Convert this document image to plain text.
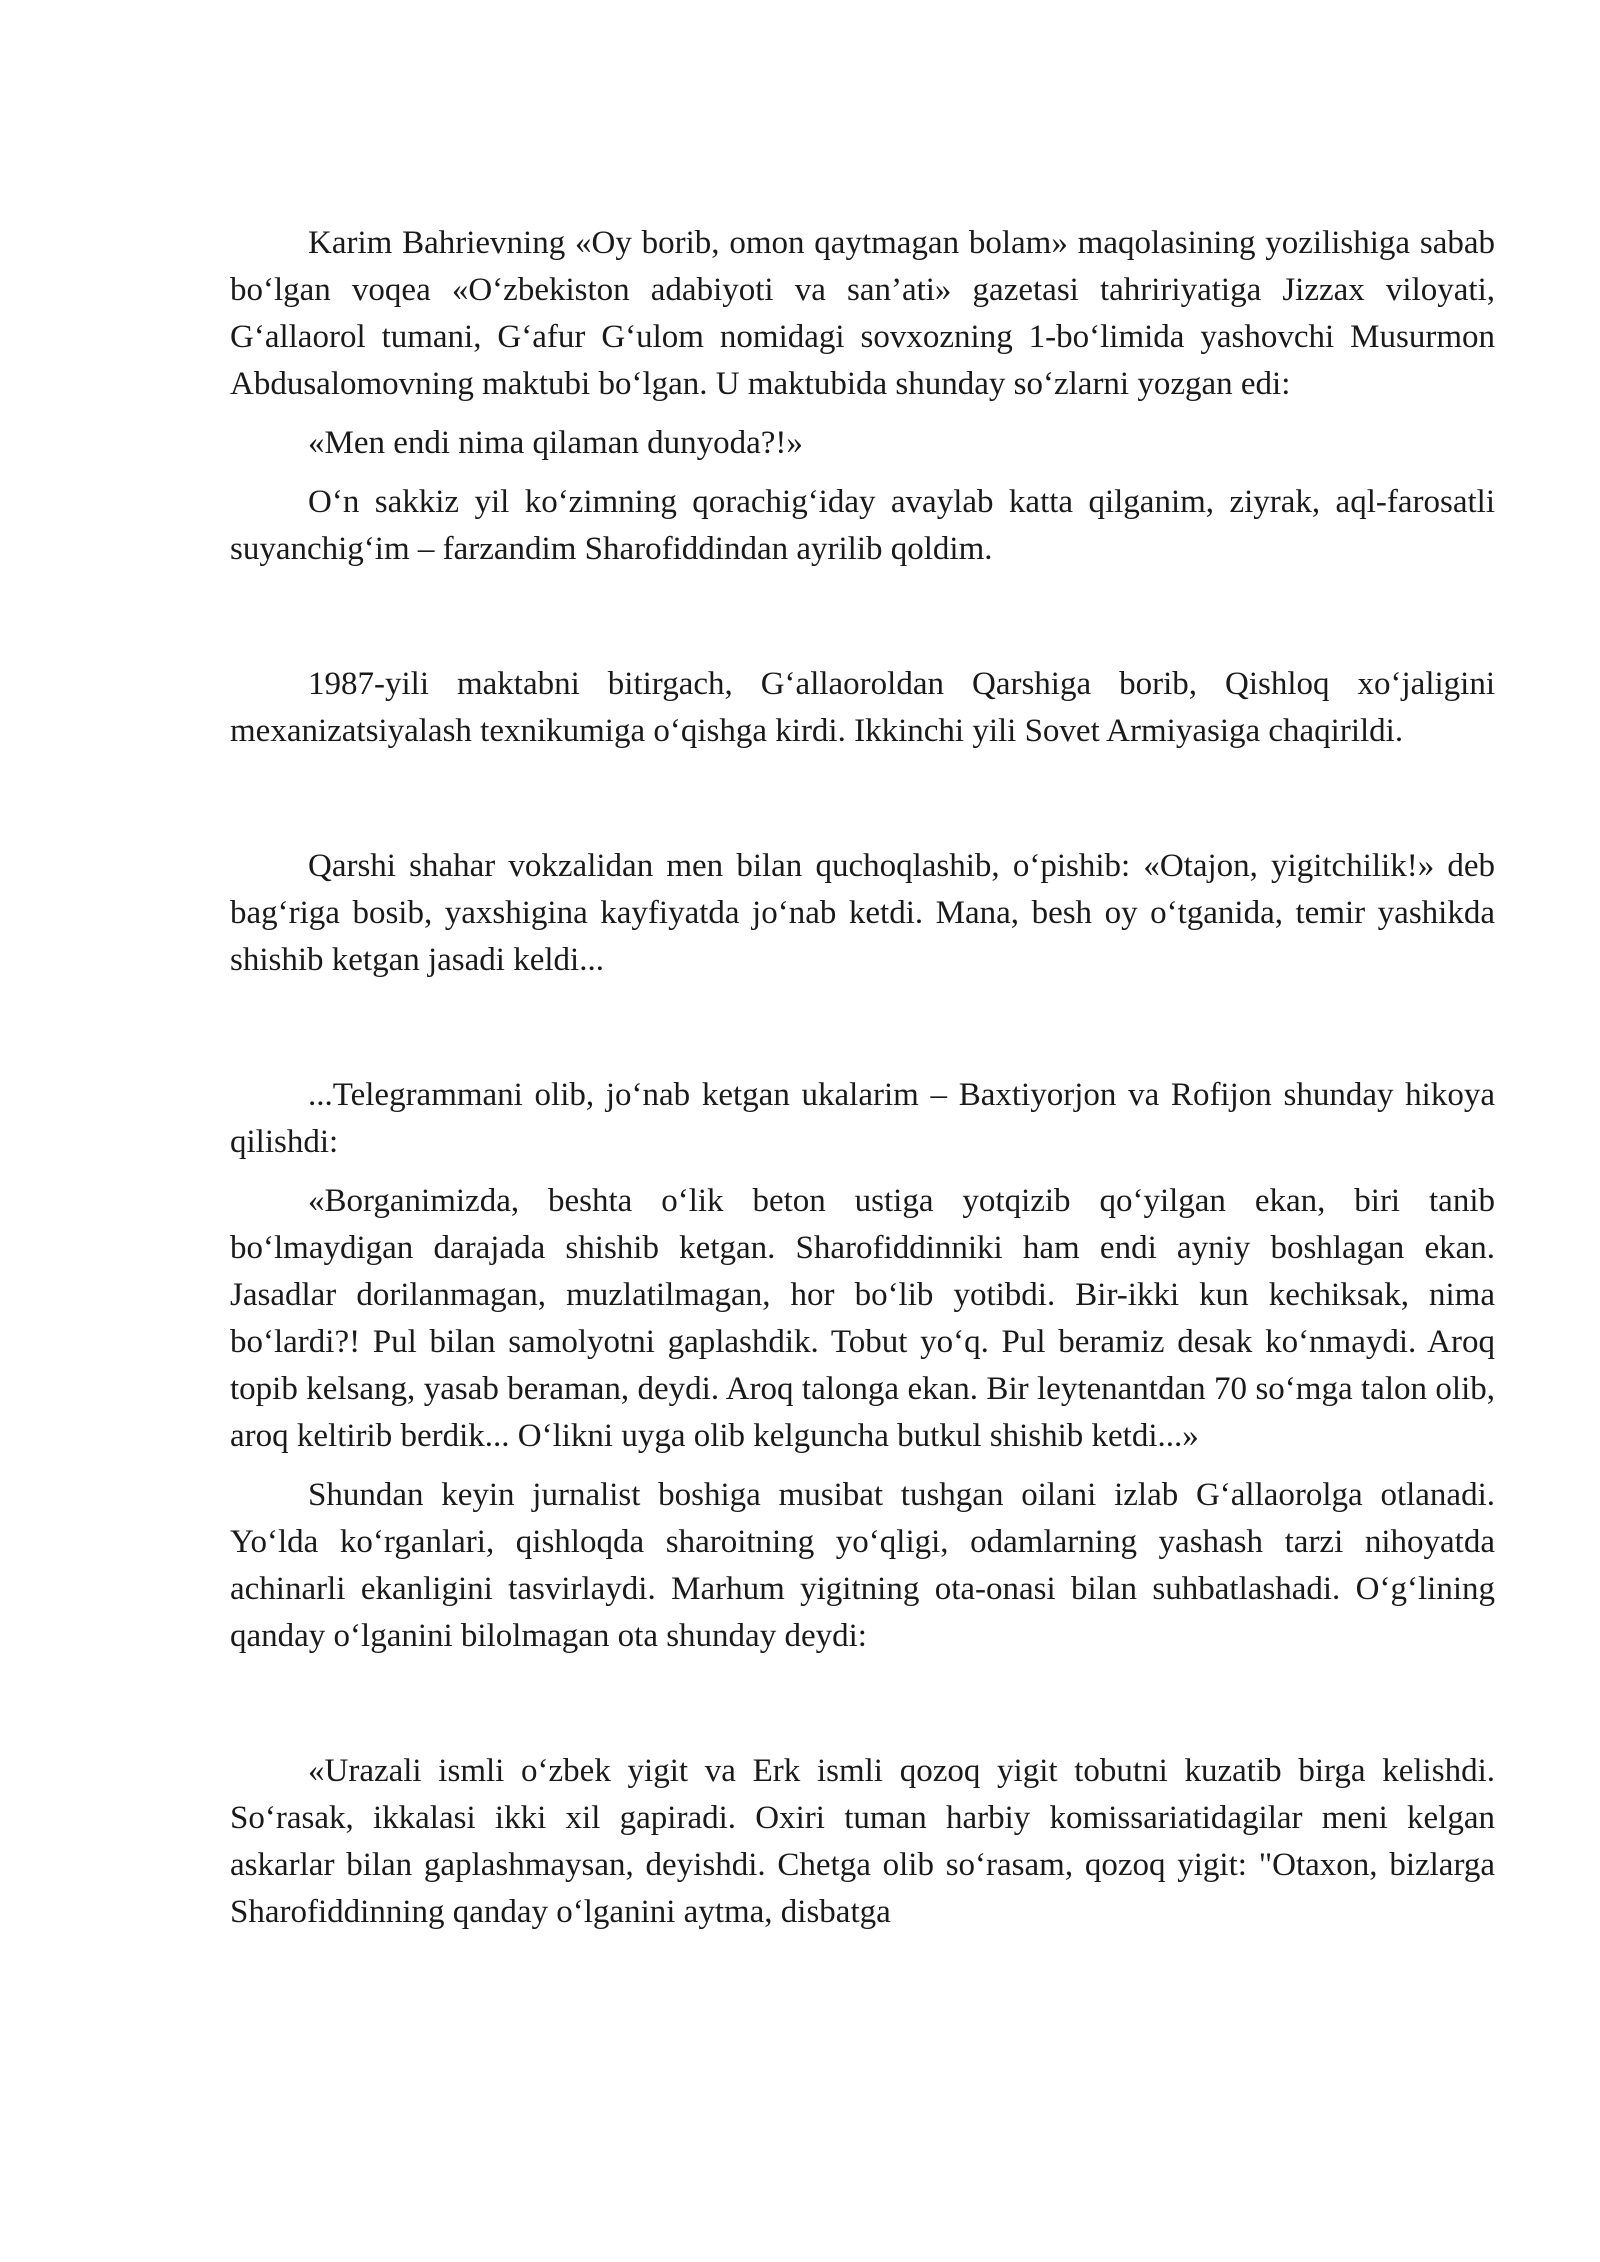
Karim Bahrievning «Oy borib, omon qaytmagan bolam» maqolasining yozilishiga sabab bo‘lgan voqea «O‘zbekiston adabiyoti va san’ati» gazetasi tahririyatiga Jizzax viloyati, G‘allaorol tumani, G‘afur G‘ulom nomidagi sovxozning 1-bo‘limida yashovchi Musurmon Abdusalomovning maktubi bo‘lgan. U maktubida shunday so‘zlarni yozgan edi:

«Men endi nima qilaman dunyoda?!»

O‘n sakkiz yil ko‘zimning qorachig‘iday avaylab katta qilganim, ziyrak, aql-farosatli suyanchig‘im – farzandim Sharofiddindan ayrilib qoldim.

1987-yili maktabni bitirgach, G‘allaoroldan Qarshiga borib, Qishloq xo‘jaligini mexanizatsiyalash texnikumiga o‘qishga kirdi. Ikkinchi yili Sovet Armiyasiga chaqirildi.

Qarshi shahar vokzalidan men bilan quchoqlashib, o‘pishib: «Otajon, yigitchilik!» deb bag‘riga bosib, yaxshigina kayfiyatda jo‘nab ketdi. Mana, besh oy o‘tganida, temir yashikda shishib ketgan jasadi keldi...

...Telegrammani olib, jo‘nab ketgan ukalarim – Baxtiyorjon va Rofijon shunday hikoya qilishdi:

«Borganimizda, beshta o‘lik beton ustiga yotqizib qo‘yilgan ekan, biri tanib bo‘lmaydigan darajada shishib ketgan. Sharofiddinniki ham endi ayniy boshlagan ekan. Jasadlar dorilanmagan, muzlatilmagan, hor bo‘lib yotibdi. Bir-ikki kun kechiksak, nima bo‘lardi?! Pul bilan samolyotni gaplashdik. Tobut yo‘q. Pul beramiz desak ko‘nmaydi. Aroq topib kelsang, yasab beraman, deydi. Aroq talonga ekan. Bir leytenantdan 70 so‘mga talon olib, aroq keltirib berdik... O‘likni uyga olib kelguncha butkul shishib ketdi...»

Shundan keyin jurnalist boshiga musibat tushgan oilani izlab G‘allaorolga otlanadi. Yo‘lda ko‘rganlari, qishloqda sharoitning yo‘qligi, odamlarning yashash tarzi nihoyatda achinarli ekanligini tasvirlaydi. Marhum yigitning ota-onasi bilan suhbatlashadi. O‘g‘lining qanday o‘lganini bilolmagan ota shunday deydi:

«Urazali ismli o‘zbek yigit va Erk ismli qozoq yigit tobutni kuzatib birga kelishdi. So‘rasak, ikkalasi ikki xil gapiradi. Oxiri tuman harbiy komissariatidagilar meni kelgan askarlar bilan gaplashmaysan, deyishdi. Chetga olib so‘rasam, qozoq yigit: "Otaxon, bizlarga Sharofiddinning qanday o‘lganini aytma, disbatga
